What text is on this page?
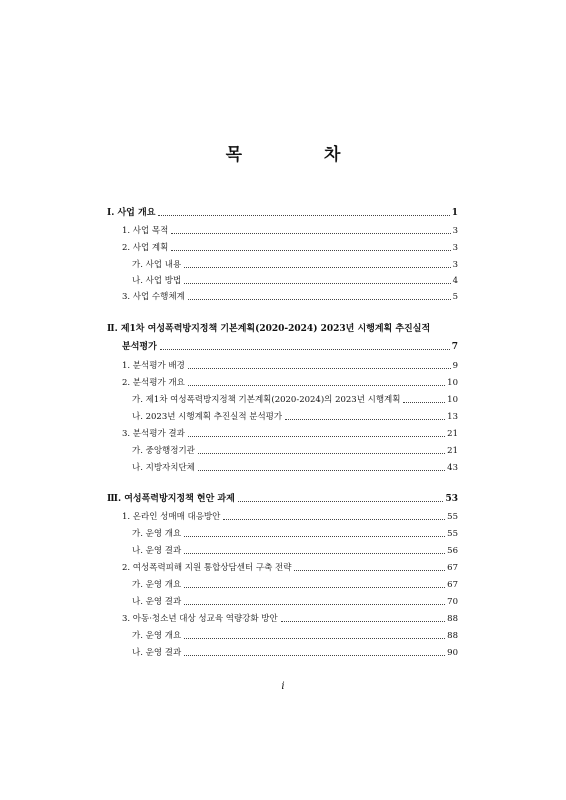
목 차
Ⅰ. 사업 개요	1
1. 사업 목적	3
2. 사업 계획	3
가. 사업 내용	3
나. 사업 방법	4
3. 사업 수행체계	5
Ⅱ. 제1차 여성폭력방지정책 기본계획(2020-2024) 2023년 시행계획 추진실적
분석평가	7
1. 분석평가 배경	9
2. 분석평가 개요	10
가. 제1차 여성폭력방지정책 기본계획(2020-2024)의 2023년 시행계획	10
나. 2023년 시행계획 추진실적 분석평가	13
3. 분석평가 결과	21
가. 중앙행정기관	21
나. 지방자치단체	43
Ⅲ. 여성폭력방지정책 현안 과제	53
1. 온라인 성매매 대응방안	55
가. 운영 개요	55
나. 운영 결과	56
2. 여성폭력피해 지원 통합상담센터 구축 전략	67
가. 운영 개요	67
나. 운영 결과	70
3. 아동·청소년 대상 성교육 역량강화 방안	88
가. 운영 개요	88
나. 운영 결과	90
i
